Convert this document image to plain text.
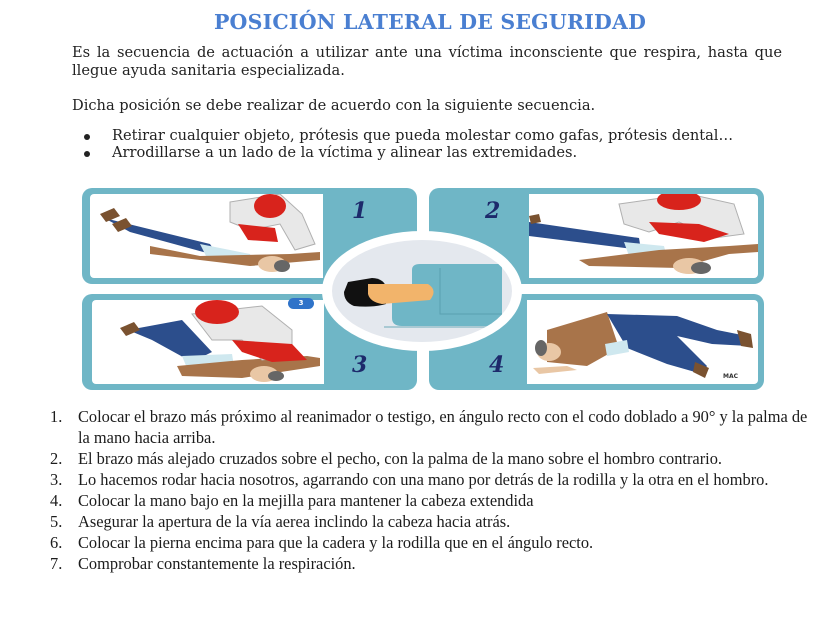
POSICIÓN LATERAL DE SEGURIDAD

Es la secuencia de actuación a utilizar ante una víctima inconsciente que respira, hasta que llegue ayuda sanitaria especializada.

Dicha posición se debe realizar de acuerdo con la siguiente secuencia.

Retirar cualquier objeto, prótesis que pueda molestar como gafas, prótesis dental…
Arrodillarse a un lado de la víctima y alinear las extremidades.
1	2
3	4
3
MAC
1. Colocar el brazo más próximo al reanimador o testigo, en ángulo recto con el codo doblado a 90° y la palma de la mano hacia arriba.
2. El brazo más alejado cruzados sobre el pecho, con la palma de la mano sobre el hombro contrario.
3. Lo hacemos rodar hacia nosotros, agarrando con una mano por detrás de la rodilla y la otra en el hombro.
4. Colocar la mano bajo en la mejilla para mantener la cabeza extendida
5. Asegurar la apertura de la vía aerea inclindo la cabeza hacia atrás.
6. Colocar la pierna encima para que la cadera y la rodilla que en el ángulo recto.
7. Comprobar constantemente la respiración.
